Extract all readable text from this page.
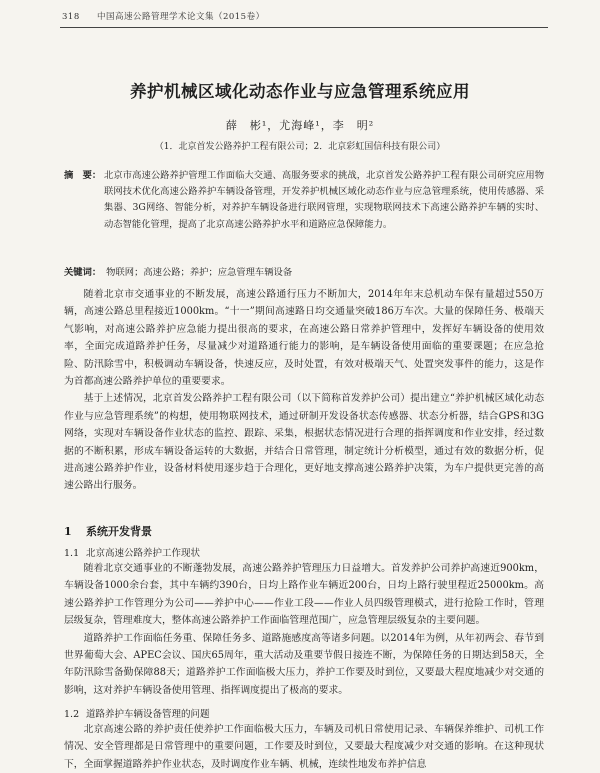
318 中国高速公路管理学术论文集（2015卷）
养护机械区域化动态作业与应急管理系统应用
薛　彬¹，尤海峰¹，李　明²
（1．北京首发公路养护工程有限公司；2．北京彩虹国信科技有限公司）
摘　要： 北京市高速公路养护管理工作面临大交通、高服务要求的挑战，北京首发公路养护工程有限公司研究应用物联网技术优化高速公路养护车辆设备管理，开发养护机械区域化动态作业与应急管理系统，使用传感器、采集器、3G网络、智能分析，对养护车辆设备进行联网管理，实现物联网技术下高速公路养护车辆的实时、动态智能化管理，提高了北京高速公路养护水平和道路应急保障能力。
关键词： 物联网；高速公路；养护；应急管理车辆设备

随着北京市交通事业的不断发展，高速公路通行压力不断加大，2014年年末总机动车保有量超过550万辆，高速公路总里程接近1000km。“十一”期间高速路日均交通量突破186万车次。大量的保障任务、极端天气影响，对高速公路养护应急能力提出很高的要求，在高速公路日常养护管理中，发挥好车辆设备的使用效率，全面完成道路养护任务，尽量减少对道路通行能力的影响，是车辆设备使用面临的重要课题；在应急抢险、防汛除雪中，积极调动车辆设备，快速反应，及时处置，有效对极端天气、处置突发事件的能力，这是作为首都高速公路养护单位的重要要求。

基于上述情况，北京首发公路养护工程有限公司（以下简称首发养护公司）提出建立“养护机械区域化动态作业与应急管理系统”的构想，使用物联网技术，通过研制开发设备状态传感器、状态分析器，结合GPS和3G网络，实现对车辆设备作业状态的监控、跟踪、采集，根据状态情况进行合理的指挥调度和作业安排，经过数据的不断积累，形成车辆设备运转的大数据，并结合日常管理，制定统计分析模型，通过有效的数据分析，促进高速公路养护作业，设备材料使用逐步趋于合理化，更好地支撑高速公路养护决策，为车户提供更完善的高速公路出行服务。

1 系统开发背景
1.1 北京高速公路养护工作现状

随着北京交通事业的不断蓬勃发展，高速公路养护管理压力日益增大。首发养护公司养护高速近900km，车辆设备1000余台套，其中车辆约390台，日均上路作业车辆近200台，日均上路行驶里程近25000km。高速公路养护工作管理分为公司——养护中心——作业工段——作业人员四级管理模式，进行抢险工作时，管理层级复杂，管理难度大，整体高速公路养护工作面临管理范围广，应急管理层级复杂的主要问题。

道路养护工作面临任务重、保障任务多、道路施感度高等诸多问题。以2014年为例，从年初两会、春节到世界葡萄大会、APEC会议、国庆65周年，重大活动及重要节假日接连不断，为保障任务的日期达到58天，全年防汛除雪备勤保障88天；道路养护工作面临极大压力，养护工作要及时到位，又要最大程度地减少对交通的影响，这对养护车辆设备使用管理、指挥调度提出了极高的要求。

1.2 道路养护车辆设备管理的问题

北京高速公路的养护责任使养护工作面临极大压力，车辆及司机日常使用记录、车辆保养维护、司机工作情况、安全管理都是日常管理中的重要问题，工作要及时到位，又要最大程度减少对交通的影响。在这种现状下，全面掌握道路养护作业状态，及时调度作业车辆、机械，连续性地发布养护信息
